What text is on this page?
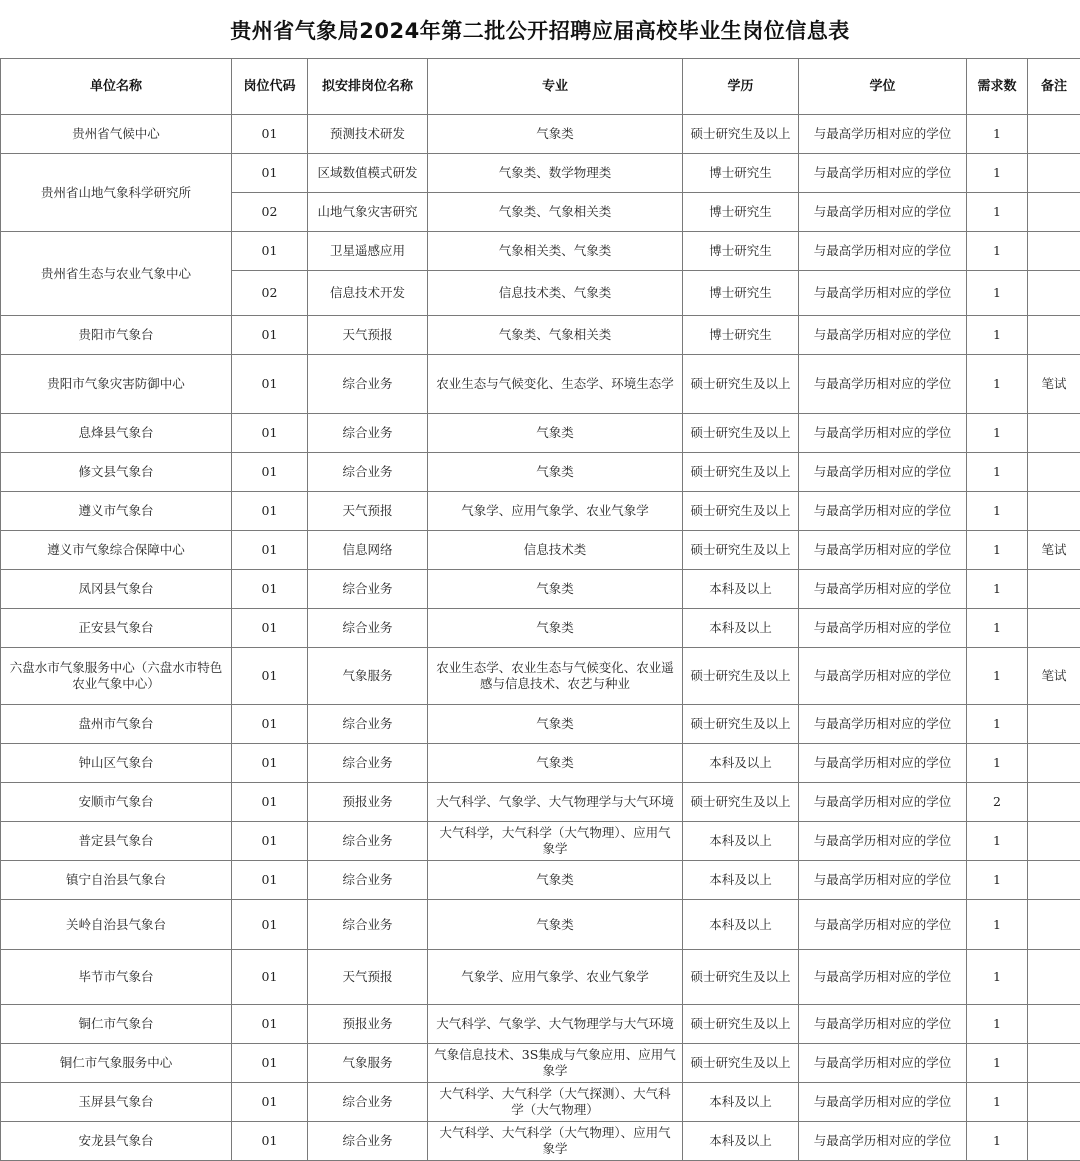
贵州省气象局2024年第二批公开招聘应届高校毕业生岗位信息表
单位名称	岗位代码	拟安排岗位名称	专业	学历	学位	需求数	备注
贵州省气候中心	01	预测技术研发	气象类	硕士研究生及以上	与最高学历相对应的学位	1	
贵州省山地气象科学研究所	01	区域数值模式研发	气象类、数学物理类	博士研究生	与最高学历相对应的学位	1	
	02	山地气象灾害研究	气象类、气象相关类	博士研究生	与最高学历相对应的学位	1	
贵州省生态与农业气象中心	01	卫星遥感应用	气象相关类、气象类	博士研究生	与最高学历相对应的学位	1	
	02	信息技术开发	信息技术类、气象类	博士研究生	与最高学历相对应的学位	1	
贵阳市气象台	01	天气预报	气象类、气象相关类	博士研究生	与最高学历相对应的学位	1	
贵阳市气象灾害防御中心	01	综合业务	农业生态与气候变化、生态学、环境生态学	硕士研究生及以上	与最高学历相对应的学位	1	笔试
息烽县气象台	01	综合业务	气象类	硕士研究生及以上	与最高学历相对应的学位	1	
修文县气象台	01	综合业务	气象类	硕士研究生及以上	与最高学历相对应的学位	1	
遵义市气象台	01	天气预报	气象学、应用气象学、农业气象学	硕士研究生及以上	与最高学历相对应的学位	1	
遵义市气象综合保障中心	01	信息网络	信息技术类	硕士研究生及以上	与最高学历相对应的学位	1	笔试
凤冈县气象台	01	综合业务	气象类	本科及以上	与最高学历相对应的学位	1	
正安县气象台	01	综合业务	气象类	本科及以上	与最高学历相对应的学位	1	
六盘水市气象服务中心（六盘水市特色农业气象中心）	01	气象服务	农业生态学、农业生态与气候变化、农业遥感与信息技术、农艺与种业	硕士研究生及以上	与最高学历相对应的学位	1	笔试
盘州市气象台	01	综合业务	气象类	硕士研究生及以上	与最高学历相对应的学位	1	
钟山区气象台	01	综合业务	气象类	本科及以上	与最高学历相对应的学位	1	
安顺市气象台	01	预报业务	大气科学、气象学、大气物理学与大气环境	硕士研究生及以上	与最高学历相对应的学位	2	
普定县气象台	01	综合业务	大气科学，大气科学（大气物理）、应用气象学	本科及以上	与最高学历相对应的学位	1	
镇宁自治县气象台	01	综合业务	气象类	本科及以上	与最高学历相对应的学位	1	
关岭自治县气象台	01	综合业务	气象类	本科及以上	与最高学历相对应的学位	1	
毕节市气象台	01	天气预报	气象学、应用气象学、农业气象学	硕士研究生及以上	与最高学历相对应的学位	1	
铜仁市气象台	01	预报业务	大气科学、气象学、大气物理学与大气环境	硕士研究生及以上	与最高学历相对应的学位	1	
铜仁市气象服务中心	01	气象服务	气象信息技术、3S集成与气象应用、应用气象学	硕士研究生及以上	与最高学历相对应的学位	1	
玉屏县气象台	01	综合业务	大气科学、大气科学（大气探测）、大气科学（大气物理）	本科及以上	与最高学历相对应的学位	1	
安龙县气象台	01	综合业务	大气科学、大气科学（大气物理）、应用气象学	本科及以上	与最高学历相对应的学位	1	
